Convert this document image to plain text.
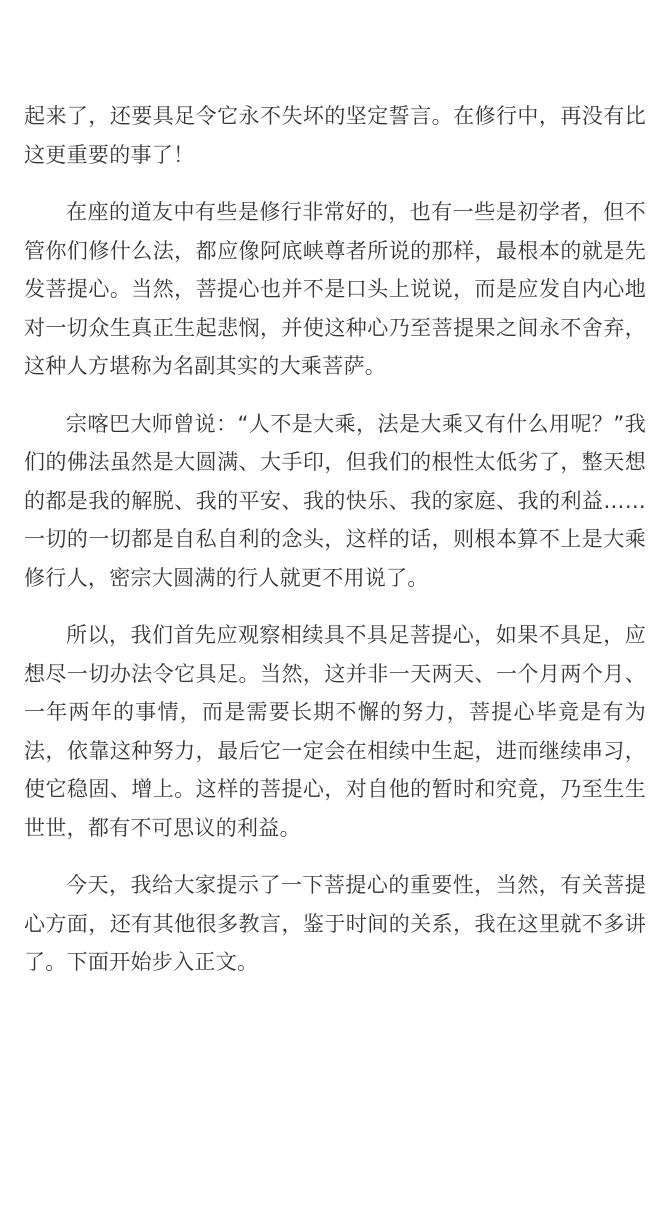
起来了，还要具足令它永不失坏的坚定誓言。在修行中，再没有比这更重要的事了！

在座的道友中有些是修行非常好的，也有一些是初学者，但不管你们修什么法，都应像阿底峡尊者所说的那样，最根本的就是先发菩提心。当然，菩提心也并不是口头上说说，而是应发自内心地对一切众生真正生起悲悯，并使这种心乃至菩提果之间永不舍弃，这种人方堪称为名副其实的大乘菩萨。

宗喀巴大师曾说：“人不是大乘，法是大乘又有什么用呢？”我们的佛法虽然是大圆满、大手印，但我们的根性太低劣了，整天想的都是我的解脱、我的平安、我的快乐、我的家庭、我的利益……一切的一切都是自私自利的念头，这样的话，则根本算不上是大乘修行人，密宗大圆满的行人就更不用说了。

所以，我们首先应观察相续具不具足菩提心，如果不具足，应想尽一切办法令它具足。当然，这并非一天两天、一个月两个月、一年两年的事情，而是需要长期不懈的努力，菩提心毕竟是有为法，依靠这种努力，最后它一定会在相续中生起，进而继续串习，使它稳固、增上。这样的菩提心，对自他的暂时和究竟，乃至生生世世，都有不可思议的利益。

今天，我给大家提示了一下菩提心的重要性，当然，有关菩提心方面，还有其他很多教言，鉴于时间的关系，我在这里就不多讲了。下面开始步入正文。
